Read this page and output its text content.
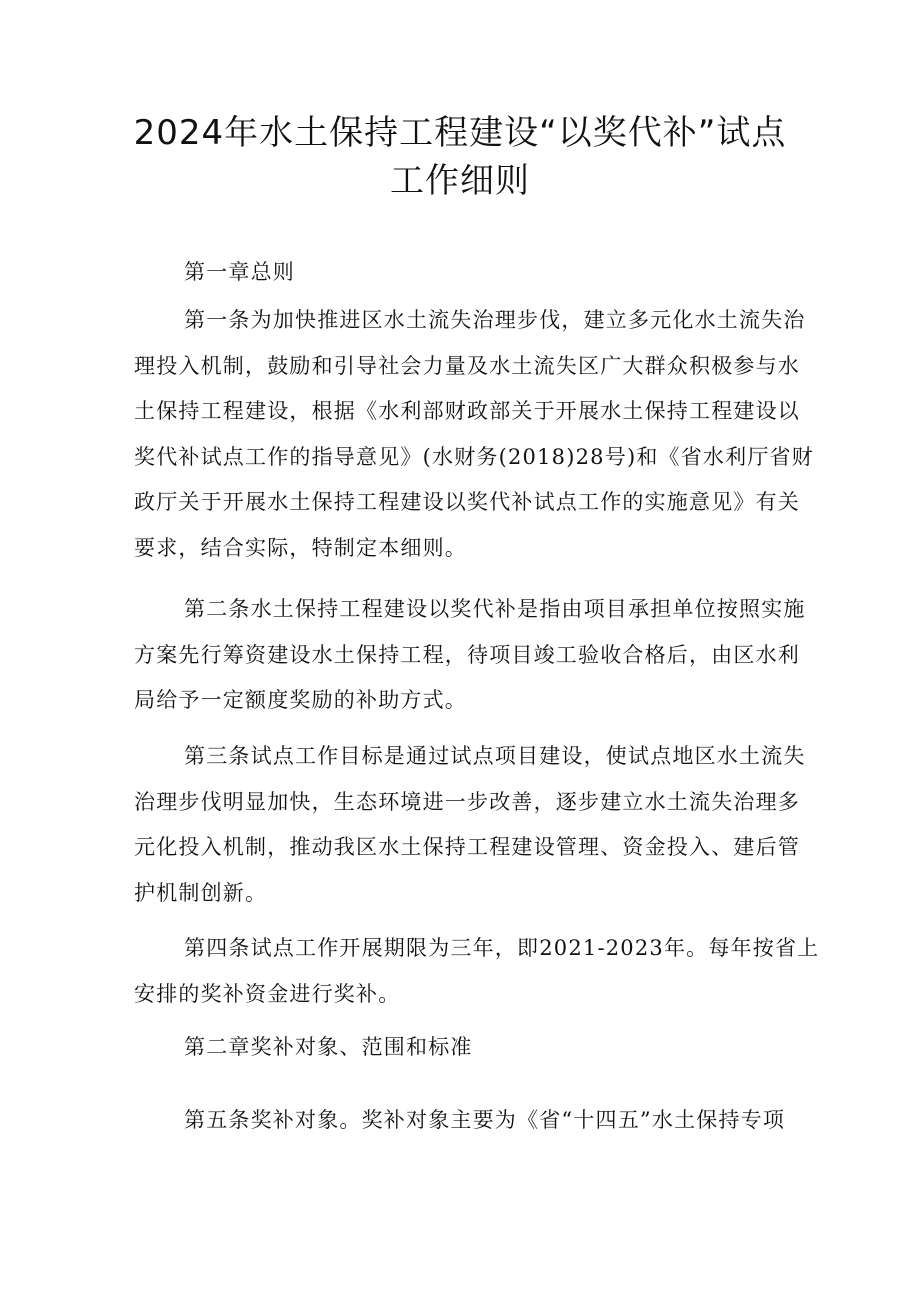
2024年水土保持工程建设“以奖代补”试点
工作细则

第一章总则

第一条为加快推进区水土流失治理步伐，建立多元化水土流失治
理投入机制，鼓励和引导社会力量及水土流失区广大群众积极参与水
土保持工程建设，根据《水利部财政部关于开展水土保持工程建设以
奖代补试点工作的指导意见》(水财务(2018)28号)和《省水利厅省财
政厅关于开展水土保持工程建设以奖代补试点工作的实施意见》有关
要求，结合实际，特制定本细则。
第二条水土保持工程建设以奖代补是指由项目承担单位按照实施
方案先行筹资建设水土保持工程，待项目竣工验收合格后，由区水利
局给予一定额度奖励的补助方式。
第三条试点工作目标是通过试点项目建设，使试点地区水土流失
治理步伐明显加快，生态环境进一步改善，逐步建立水土流失治理多
元化投入机制，推动我区水土保持工程建设管理、资金投入、建后管
护机制创新。
第四条试点工作开展期限为三年，即2021-2023年。每年按省上
安排的奖补资金进行奖补。

第二章奖补对象、范围和标准

第五条奖补对象。奖补对象主要为《省“十四五”水土保持专项
